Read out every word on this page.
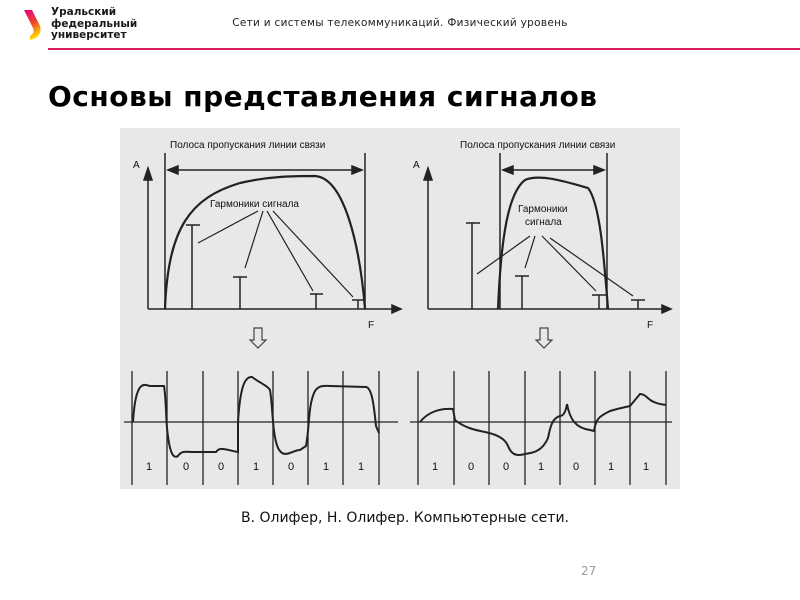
Уральский
федеральный
университет
Сети и системы телекоммуникаций. Физический уровень
Основы представления сигналов
Полоса пропускания линии связи
Гармоники сигнала
A
F
Полоса пропускания линии связи
Гармоники
сигнала
A
F
1	0	0	1	0	1	1	1	0	0	1	0	1	1
В. Олифер, Н. Олифер. Компьютерные сети.
27
